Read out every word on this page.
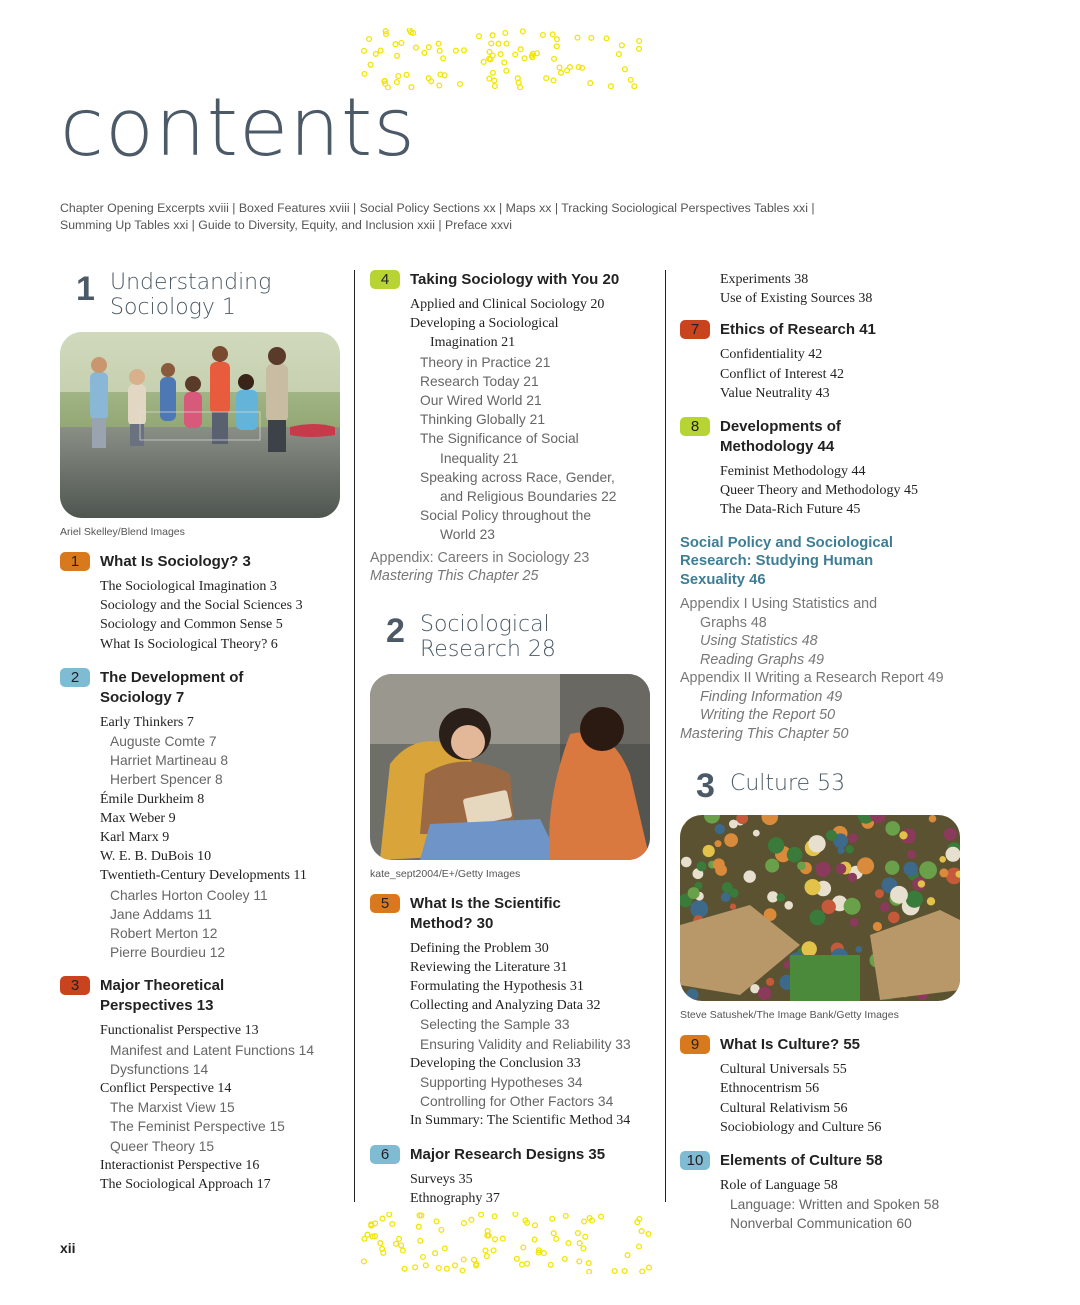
contents
Chapter Opening Excerpts xviii | Boxed Features xviii | Social Policy Sections xx | Maps xx | Tracking Sociological Perspectives Tables xxi |
Summing Up Tables xxi | Guide to Diversity, Equity, and Inclusion xxii | Preface xxvi
1 Understanding
Sociology 1
Ariel Skelley/Blend Images
1	What Is Sociology? 3
The Sociological Imagination 3
Sociology and the Social Sciences 3
Sociology and Common Sense 5
What Is Sociological Theory? 6
2	The Development of
Sociology 7
Early Thinkers 7
Auguste Comte 7
Harriet Martineau 8
Herbert Spencer 8
Émile Durkheim 8
Max Weber 9
Karl Marx 9
W. E. B. DuBois 10
Twentieth-Century Developments 11
Charles Horton Cooley 11
Jane Addams 11
Robert Merton 12
Pierre Bourdieu 12
3	Major Theoretical
Perspectives 13
Functionalist Perspective 13
Manifest and Latent Functions 14
Dysfunctions 14
Conflict Perspective 14
The Marxist View 15
The Feminist Perspective 15
Queer Theory 15
Interactionist Perspective 16
The Sociological Approach 17
4	Taking Sociology with You 20
Applied and Clinical Sociology 20
Developing a Sociological
Imagination 21
Theory in Practice 21
Research Today 21
Our Wired World 21
Thinking Globally 21
The Significance of Social
Inequality 21
Speaking across Race, Gender,
and Religious Boundaries 22
Social Policy throughout the
World 23
Appendix: Careers in Sociology 23
Mastering This Chapter 25
2 Sociological
Research 28
kate_sept2004/E+/Getty Images
5	What Is the Scientific
Method? 30
Defining the Problem 30
Reviewing the Literature 31
Formulating the Hypothesis 31
Collecting and Analyzing Data 32
Selecting the Sample 33
Ensuring Validity and Reliability 33
Developing the Conclusion 33
Supporting Hypotheses 34
Controlling for Other Factors 34
In Summary: The Scientific Method 34
6	Major Research Designs 35
Surveys 35
Ethnography 37
Experiments 38
Use of Existing Sources 38
7	Ethics of Research 41
Confidentiality 42
Conflict of Interest 42
Value Neutrality 43
8	Developments of
Methodology 44
Feminist Methodology 44
Queer Theory and Methodology 45
The Data-Rich Future 45
Social Policy and Sociological
Research: Studying Human
Sexuality 46
Appendix I Using Statistics and
Graphs 48
Using Statistics 48
Reading Graphs 49
Appendix II Writing a Research Report 49
Finding Information 49
Writing the Report 50
Mastering This Chapter 50
3 Culture 53
Steve Satushek/The Image Bank/Getty Images
9	What Is Culture? 55
Cultural Universals 55
Ethnocentrism 56
Cultural Relativism 56
Sociobiology and Culture 56
10	Elements of Culture 58
Role of Language 58
Language: Written and Spoken 58
Nonverbal Communication 60
xii
